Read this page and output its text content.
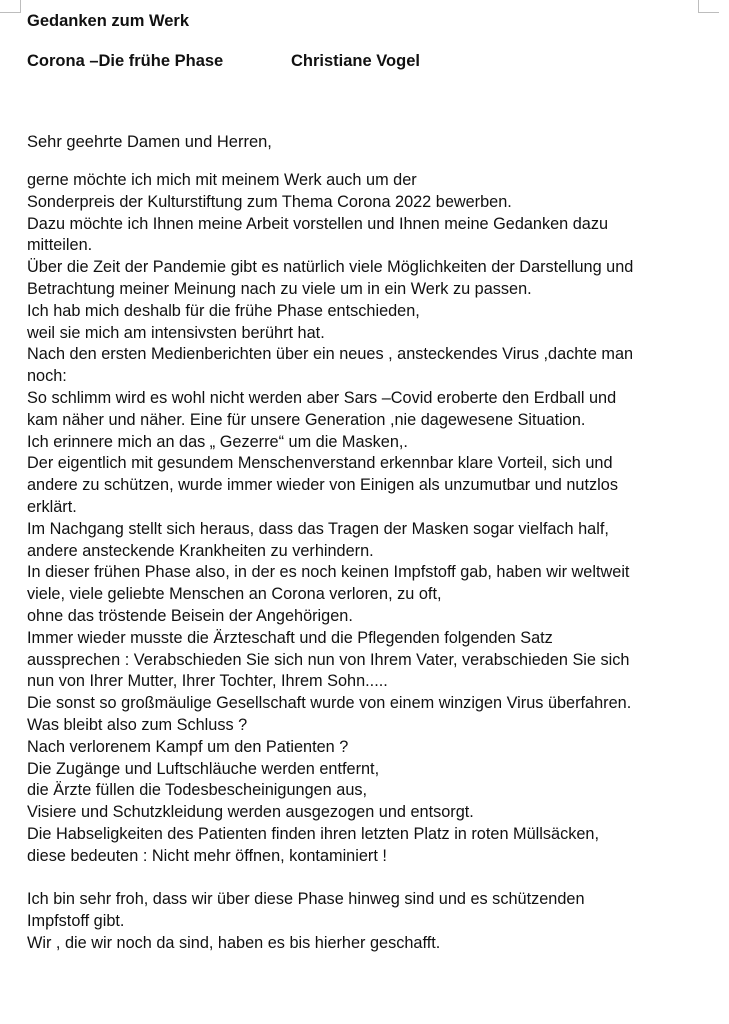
Gedanken zum Werk
Corona –Die frühe Phase	Christiane Vogel
Sehr geehrte Damen und Herren,
gerne möchte ich mich mit meinem Werk auch um der
Sonderpreis der Kulturstiftung zum Thema Corona 2022 bewerben.
Dazu möchte ich Ihnen meine Arbeit vorstellen und Ihnen meine Gedanken dazu
mitteilen.
Über die Zeit der Pandemie gibt es natürlich viele Möglichkeiten der Darstellung und
Betrachtung meiner Meinung nach zu viele um in ein Werk zu passen.
Ich hab mich deshalb für die frühe Phase entschieden,
weil sie mich am intensivsten berührt hat.
Nach den ersten Medienberichten über ein neues , ansteckendes Virus ,dachte man
noch:
So schlimm wird es wohl nicht werden aber Sars –Covid eroberte den Erdball und
kam näher und näher. Eine für unsere Generation ,nie dagewesene Situation.
Ich erinnere mich an das „ Gezerre“ um die Masken,.
Der eigentlich mit gesundem Menschenverstand erkennbar klare Vorteil, sich und
andere zu schützen, wurde immer wieder von Einigen als unzumutbar und nutzlos
erklärt.
Im Nachgang stellt sich heraus, dass das Tragen der Masken sogar vielfach half,
andere ansteckende Krankheiten zu verhindern.
In dieser frühen Phase also, in der es noch keinen Impfstoff gab, haben wir weltweit
viele, viele geliebte Menschen an Corona verloren, zu oft,
ohne das tröstende Beisein der Angehörigen.
Immer wieder musste die Ärzteschaft und die Pflegenden folgenden Satz
aussprechen : Verabschieden Sie sich nun von Ihrem Vater, verabschieden Sie sich
nun von Ihrer Mutter, Ihrer Tochter, Ihrem Sohn.....
Die sonst so großmäulige Gesellschaft wurde von einem winzigen Virus überfahren.
Was bleibt also zum Schluss ?
Nach verlorenem Kampf um den Patienten ?
Die Zugänge und Luftschläuche werden entfernt,
die Ärzte füllen die Todesbescheinigungen aus,
Visiere und Schutzkleidung werden ausgezogen und entsorgt.
Die Habseligkeiten des Patienten finden ihren letzten Platz in roten Müllsäcken,
diese bedeuten : Nicht mehr öffnen, kontaminiert !
Ich bin sehr froh, dass wir über diese Phase hinweg sind und es schützenden
Impfstoff gibt.
Wir , die wir noch da sind, haben es bis hierher geschafft.
